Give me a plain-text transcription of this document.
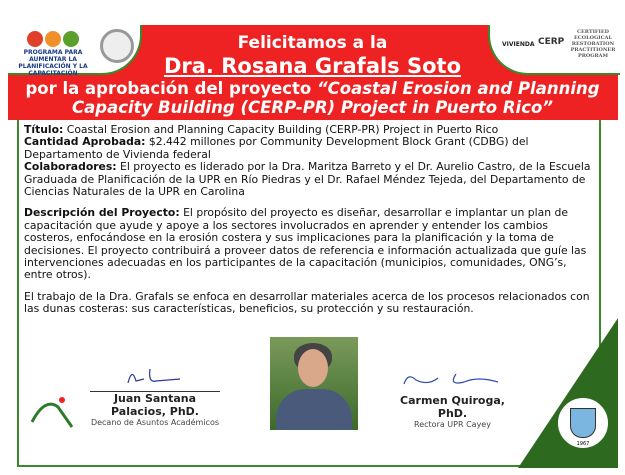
PROGRAMA PARA AUMENTAR LA PLANIFICACIÓN Y LA CAPACITACIÓN
VIVIENDA CERP
CERTIFIED ECOLOGICAL RESTORATION PRACTITIONER PROGRAM
Felicitamos a la
Dra. Rosana Grafals Soto
por la aprobación del proyecto “Coastal Erosion and Planning Capacity Building (CERP-PR) Project in Puerto Rico”
1967
Título: Coastal Erosion and Planning Capacity Building (CERP-PR) Project in Puerto Rico
Cantidad Aprobada: $2.442 millones por Community Development Block Grant (CDBG) del Departamento de Vivienda federal

Colaboradores: El proyecto es liderado por la Dra. Maritza Barreto y el Dr. Aurelio Castro, de la Escuela Graduada de Planificación de la UPR en Río Piedras y el Dr. Rafael Méndez Tejeda, del Departamento de Ciencias Naturales de la UPR en Carolina

Descripción del Proyecto: El propósito del proyecto es diseñar, desarrollar e implantar un plan de capacitación que ayude y apoye a los sectores involucrados en aprender y entender los cambios costeros, enfocándose en la erosión costera y sus implicaciones para la planificación y la toma de decisiones. El proyecto contribuirá a proveer datos de referencia e información actualizada que guíe las intervenciones adecuadas en los participantes de la capacitación (municipios, comunidades, ONG’s, entre otros).

El trabajo de la Dra. Grafals se enfoca en desarrollar materiales acerca de los procesos relacionados con las dunas costeras: sus características, beneficios, su protección y su restauración.

Juan Santana Palacios, PhD.
Decano de Asuntos Académicos
Carmen Quiroga, PhD.
Rectora UPR Cayey
